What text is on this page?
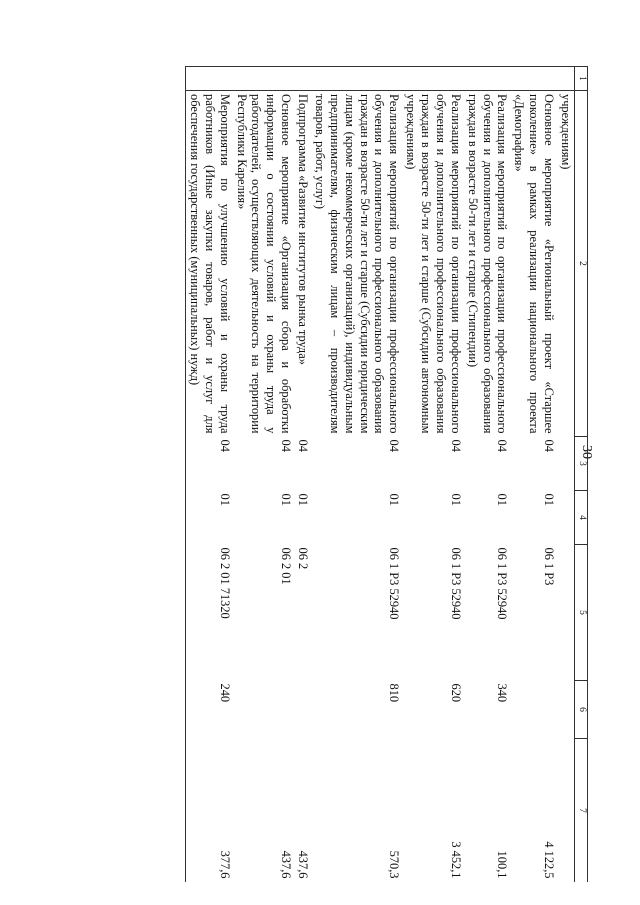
30
1	2	3	4	5	6	7
	учреждениям)					
	Основное мероприятие «Региональный проект «Старшее поколение» в рамках реализации национального проекта «Демография»	04	01	06 1 Р3		4 122,5
	Реализация мероприятий по организации профессионального обучения и дополнительного профессионального образования граждан в возрасте 50-ти лет и старше (Стипендии)	04	01	06 1 Р3 52940	340	100,1
	Реализация мероприятий по организации профессионального обучения и дополнительного профессионального образования граждан в возрасте 50-ти лет и старше (Субсидии автономным учреждениям)	04	01	06 1 Р3 52940	620	3 452,1
	Реализация мероприятий по организации профессионального обучения и дополнительного профессионального образования граждан в возрасте 50-ти лет и старше (Субсидии юридическим лицам (кроме некоммерческих организаций), индивидуальным предпринимателям, физическим лицам – производителям товаров, работ, услуг)	04	01	06 1 Р3 52940	810	570,3
	Подпрограмма «Развитие институтов рынка труда»	04	01	06 2		437,6
	Основное мероприятие «Организация сбора и обработки информации о состоянии условий и охраны труда у работодателей, осуществляющих деятельность на территории Республики Карелия»	04	01	06 2 01		437,6
	Мероприятия по улучшению условий и охраны труда работников (Иные закупки товаров, работ и услуг для обеспечения государственных (муниципальных) нужд)	04	01	06 2 01 71320	240	377,6
